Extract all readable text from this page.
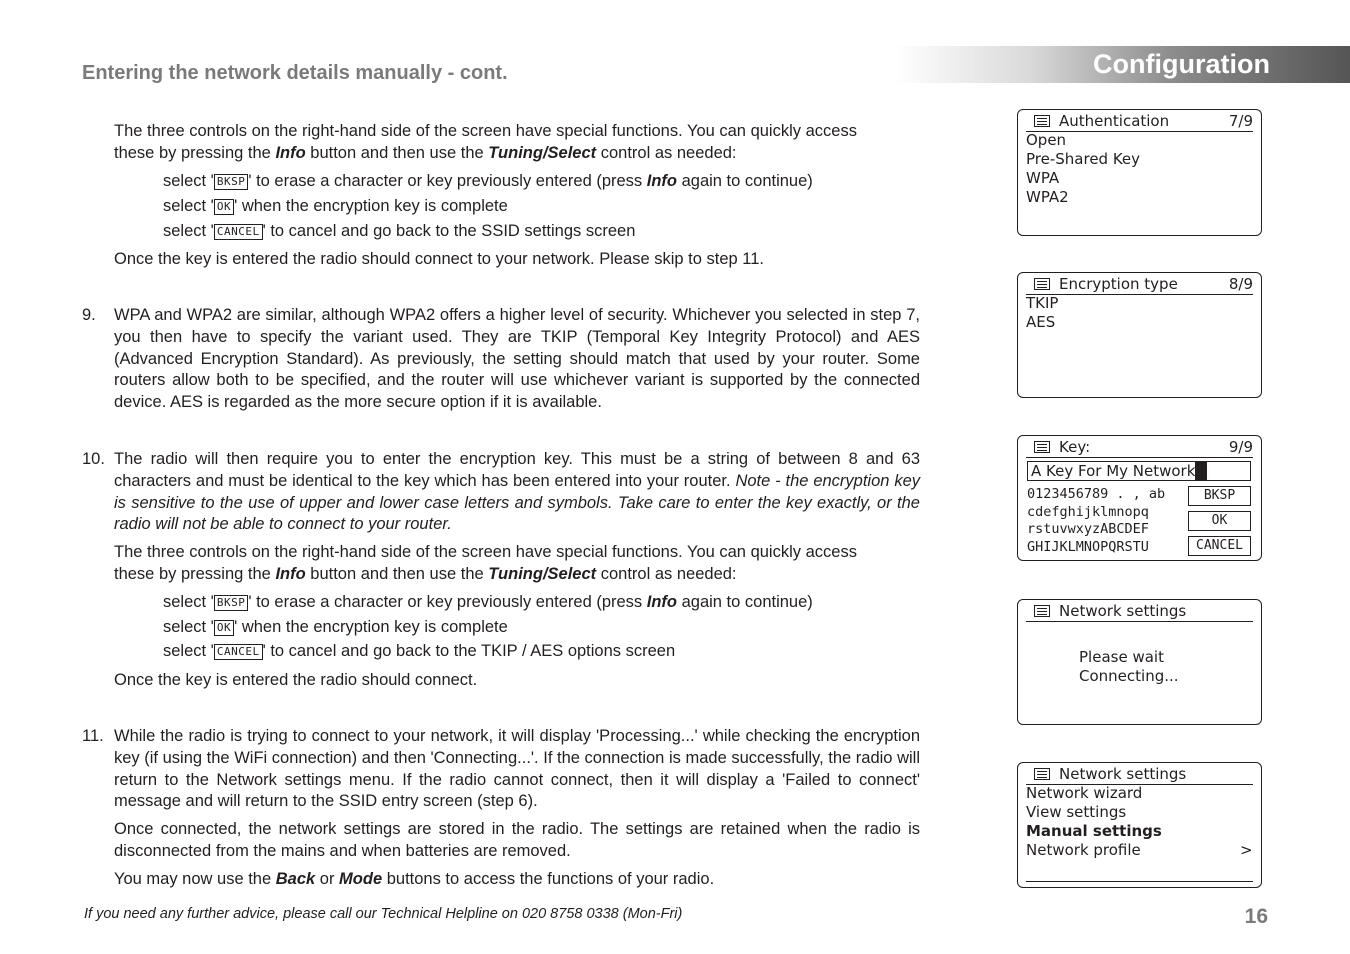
Entering the network details manually - cont.	Configuration
The three controls on the right-hand side of the screen have special functions. You can quickly access
these by pressing the Info button and then use the Tuning/Select control as needed:
select ' BKSP ' to erase a character or key previously entered (press Info again to continue)
select ' OK ' when the encryption key is complete
select ' CANCEL ' to cancel and go back to the SSID settings screen
Once the key is entered the radio should connect to your network. Please skip to step 11.
9. WPA and WPA2 are similar, although WPA2 offers a higher level of security. Whichever you selected in step 7, you then have to specify the variant used. They are TKIP (Temporal Key Integrity Protocol) and AES (Advanced Encryption Standard). As previously, the setting should match that used by your router. Some routers allow both to be specified, and the router will use whichever variant is supported by the connected device. AES is regarded as the more secure option if it is available.
10. The radio will then require you to enter the encryption key. This must be a string of between 8 and 63 characters and must be identical to the key which has been entered into your router. Note - the encryption key is sensitive to the use of upper and lower case letters and symbols. Take care to enter the key exactly, or the radio will not be able to connect to your router.
The three controls on the right-hand side of the screen have special functions. You can quickly access
these by pressing the Info button and then use the Tuning/Select control as needed:
select ' BKSP ' to erase a character or key previously entered (press Info again to continue)
select ' OK ' when the encryption key is complete
select ' CANCEL ' to cancel and go back to the TKIP / AES options screen
Once the key is entered the radio should connect.
11. While the radio is trying to connect to your network, it will display 'Processing...' while checking the encryption key (if using the WiFi connection) and then 'Connecting...'. If the connection is made successfully, the radio will return to the Network settings menu. If the radio cannot connect, then it will display a 'Failed to connect' message and will return to the SSID entry screen (step 6).
Once connected, the network settings are stored in the radio. The settings are retained when the radio is disconnected from the mains and when batteries are removed.
You may now use the Back or Mode buttons to access the functions of your radio.
If you need any further advice, please call our Technical Helpline on 020 8758 0338 (Mon-Fri)	16
Authentication	7/9
Open
Pre-Shared Key
WPA
WPA2
Encryption type	8/9
TKIP
AES
Key:	9/9
A Key For My Network
0123456789 . , ab
cdefghijklmnopq
rstuvwxyzABCDEF
GHIJKLMNOPQRSTU
BKSP
OK
CANCEL
Network settings
Please wait
Connecting...
Network settings
Network wizard
View settings
Manual settings
Network profile	>
